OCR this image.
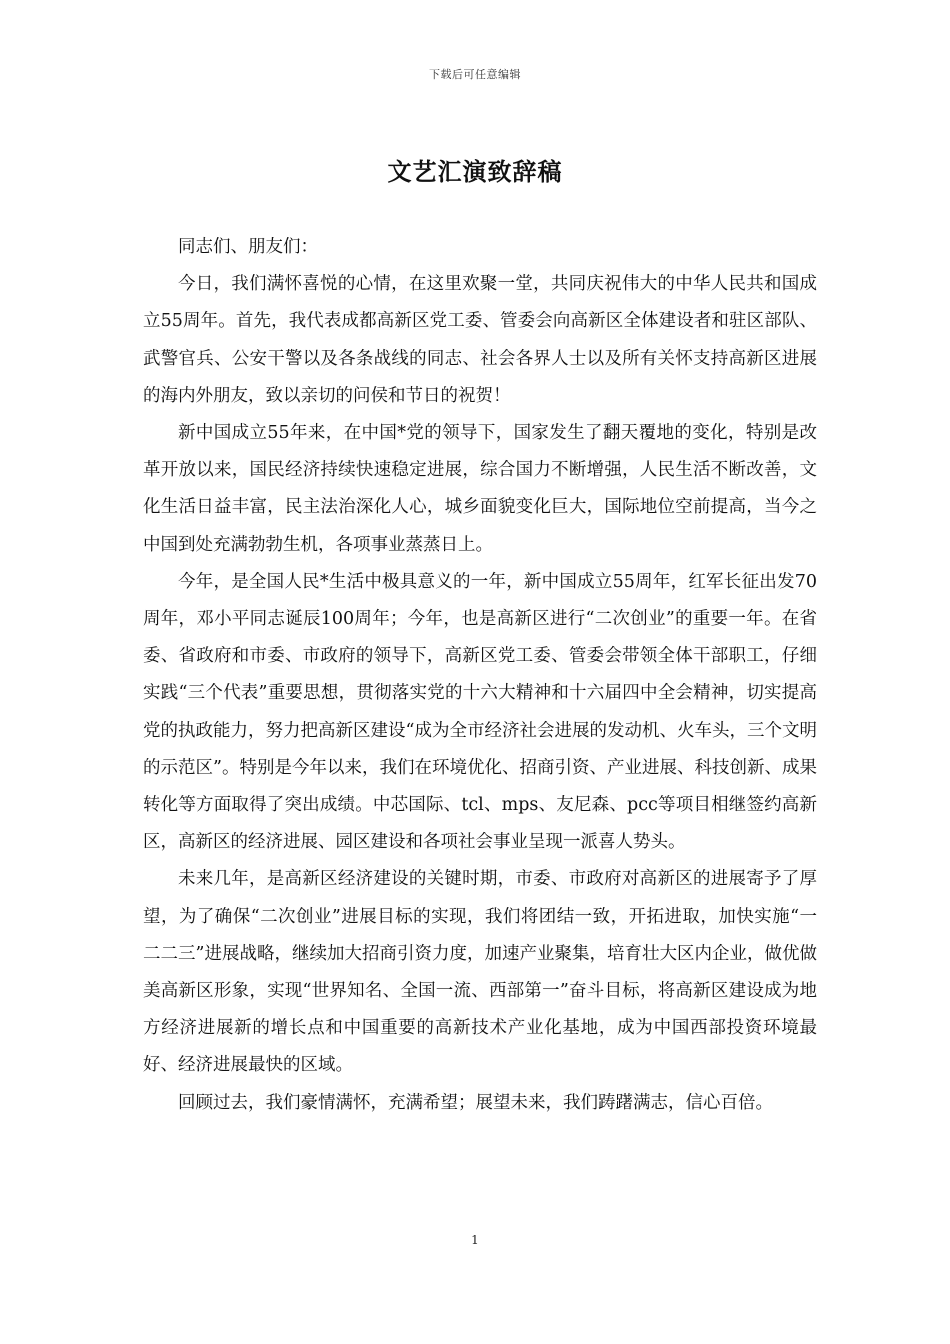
下载后可任意编辑
文艺汇演致辞稿

同志们、朋友们：

今日，我们满怀喜悦的心情，在这里欢聚一堂，共同庆祝伟大的中华人民共和国成立55周年。首先，我代表成都高新区党工委、管委会向高新区全体建设者和驻区部队、武警官兵、公安干警以及各条战线的同志、社会各界人士以及所有关怀支持高新区进展的海内外朋友，致以亲切的问侯和节日的祝贺！

新中国成立55年来，在中国*党的领导下，国家发生了翻天覆地的变化，特别是改革开放以来，国民经济持续快速稳定进展，综合国力不断增强，人民生活不断改善，文化生活日益丰富，民主法治深化人心，城乡面貌变化巨大，国际地位空前提高，当今之中国到处充满勃勃生机，各项事业蒸蒸日上。

今年，是全国人民*生活中极具意义的一年，新中国成立55周年，红军长征出发70周年，邓小平同志诞辰100周年；今年，也是高新区进行“二次创业”的重要一年。在省委、省政府和市委、市政府的领导下，高新区党工委、管委会带领全体干部职工，仔细实践“三个代表”重要思想，贯彻落实党的十六大精神和十六届四中全会精神，切实提高党的执政能力，努力把高新区建设“成为全市经济社会进展的发动机、火车头，三个文明的示范区”。特别是今年以来，我们在环境优化、招商引资、产业进展、科技创新、成果转化等方面取得了突出成绩。中芯国际、tcl、mps、友尼森、pcc等项目相继签约高新区，高新区的经济进展、园区建设和各项社会事业呈现一派喜人势头。

未来几年，是高新区经济建设的关键时期，市委、市政府对高新区的进展寄予了厚望，为了确保“二次创业”进展目标的实现，我们将团结一致，开拓进取，加快实施“一二二三”进展战略，继续加大招商引资力度，加速产业聚集，培育壮大区内企业，做优做美高新区形象，实现“世界知名、全国一流、西部第一”奋斗目标，将高新区建设成为地方经济进展新的增长点和中国重要的高新技术产业化基地，成为中国西部投资环境最好、经济进展最快的区域。

回顾过去，我们豪情满怀，充满希望；展望未来，我们踌躇满志，信心百倍。

1
